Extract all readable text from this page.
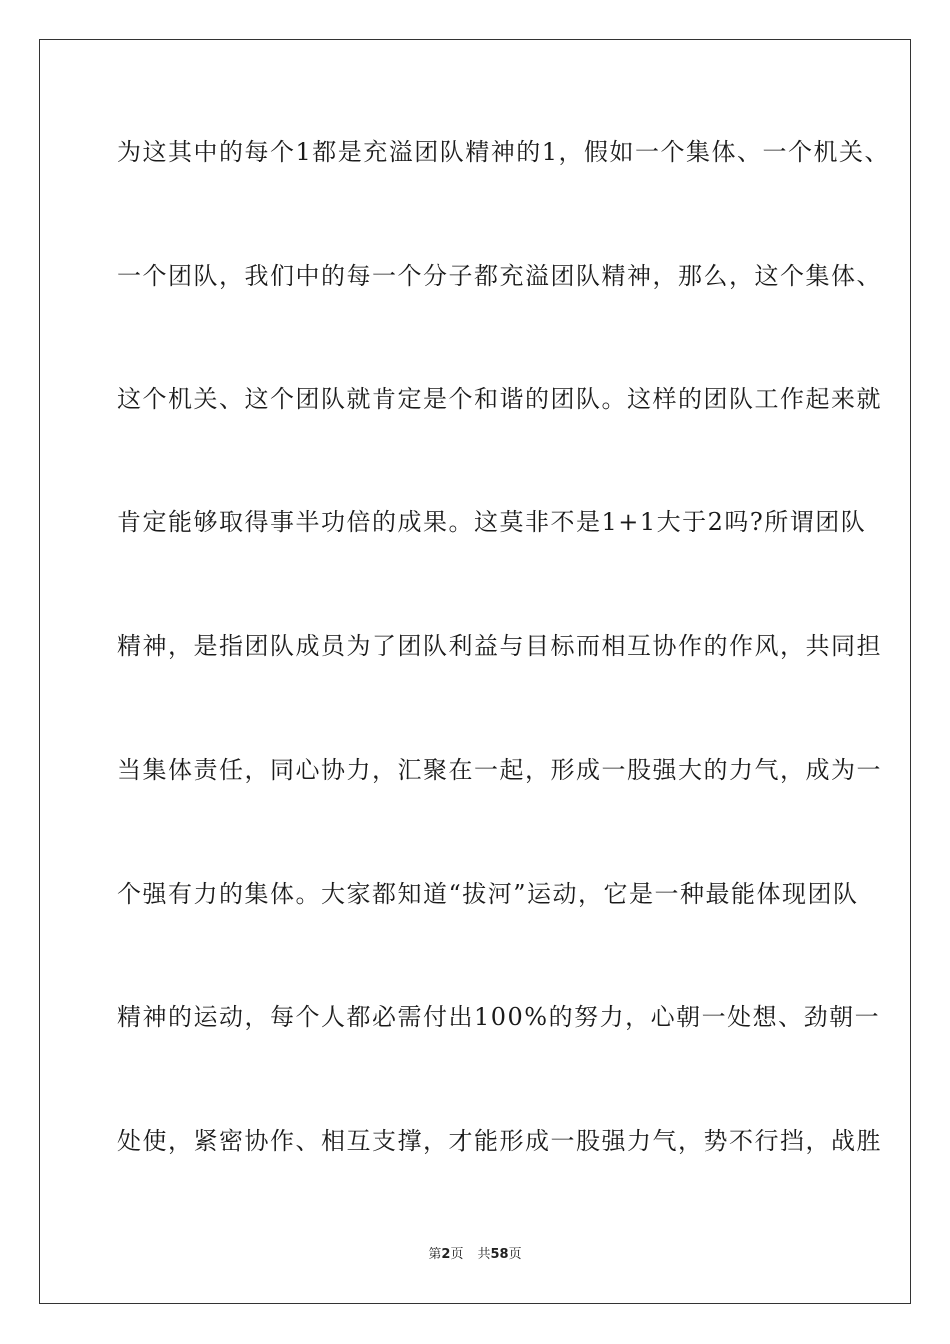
为这其中的每个1都是充溢团队精神的1，假如一个集体、一个机关、
一个团队，我们中的每一个分子都充溢团队精神，那么，这个集体、
这个机关、这个团队就肯定是个和谐的团队。这样的团队工作起来就
肯定能够取得事半功倍的成果。这莫非不是1+1大于2吗?所谓团队
精神，是指团队成员为了团队利益与目标而相互协作的作风，共同担
当集体责任，同心协力，汇聚在一起，形成一股强大的力气，成为一
个强有力的集体。大家都知道“拔河”运动，它是一种最能体现团队
精神的运动，每个人都必需付出100%的努力，心朝一处想、劲朝一
处使，紧密协作、相互支撑，才能形成一股强力气，势不行挡，战胜
第2页 共58页
